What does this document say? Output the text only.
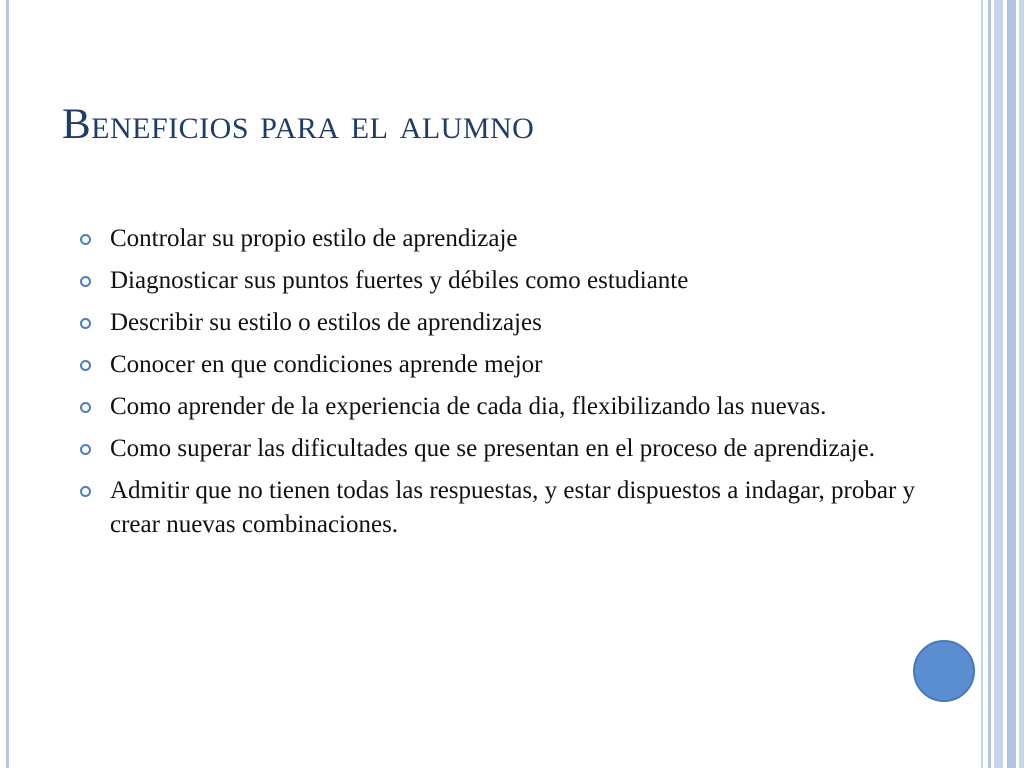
Beneficios para el alumno
Controlar su propio estilo de aprendizaje
Diagnosticar sus puntos fuertes y débiles como estudiante
Describir su estilo o estilos de aprendizajes
Conocer en que condiciones aprende mejor
Como aprender de la experiencia de cada dia, flexibilizando las nuevas.
Como superar las dificultades que se presentan en el proceso de aprendizaje.
Admitir que no tienen todas las respuestas, y estar dispuestos a indagar, probar y crear nuevas combinaciones.
